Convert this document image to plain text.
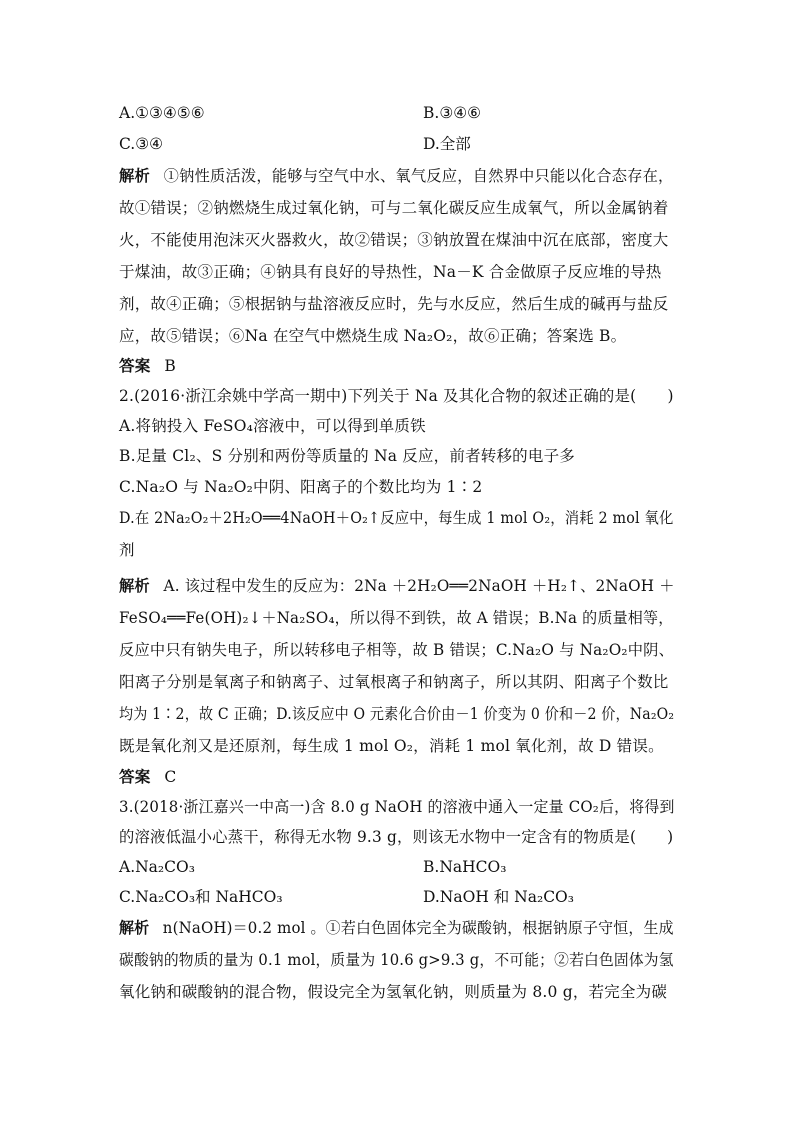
A.①③④⑤⑥	B.③④⑥
C.③④	D.全部
解析 ①钠性质活泼，能够与空气中水、氧气反应，自然界中只能以化合态存在，
故①错误；②钠燃烧生成过氧化钠，可与二氧化碳反应生成氧气，所以金属钠着
火，不能使用泡沫灭火器救火，故②错误；③钠放置在煤油中沉在底部，密度大
于煤油，故③正确；④钠具有良好的导热性，Na－K 合金做原子反应堆的导热
剂，故④正确；⑤根据钠与盐溶液反应时，先与水反应，然后生成的碱再与盐反
应，故⑤错误；⑥Na 在空气中燃烧生成 Na₂O₂，故⑥正确；答案选 B。
答案 B
2.(2016·浙江余姚中学高一期中)下列关于 Na 及其化合物的叙述正确的是(　　)
A.将钠投入 FeSO₄溶液中，可以得到单质铁
B.足量 Cl₂、S 分别和两份等质量的 Na 反应，前者转移的电子多
C.Na₂O 与 Na₂O₂中阴、阳离子的个数比均为 1∶2
D.在 2Na₂O₂＋2H₂O══4NaOH＋O₂↑反应中，每生成 1 mol O₂，消耗 2 mol 氧化
剂
解析 A. 该过程中发生的反应为：2Na ＋2H₂O══2NaOH ＋H₂↑、2NaOH ＋
FeSO₄══Fe(OH)₂↓＋Na₂SO₄，所以得不到铁，故 A 错误；B.Na 的质量相等，
反应中只有钠失电子，所以转移电子相等，故 B 错误；C.Na₂O 与 Na₂O₂中阴、
阳离子分别是氧离子和钠离子、过氧根离子和钠离子，所以其阴、阳离子个数比
均为 1∶2，故 C 正确；D.该反应中 O 元素化合价由－1 价变为 0 价和－2 价，Na₂O₂
既是氧化剂又是还原剂，每生成 1 mol O₂，消耗 1 mol 氧化剂，故 D 错误。
答案 C
3.(2018·浙江嘉兴一中高一)含 8.0 g NaOH 的溶液中通入一定量 CO₂后，将得到
的溶液低温小心蒸干，称得无水物 9.3 g，则该无水物中一定含有的物质是(　　)
A.Na₂CO₃	B.NaHCO₃
C.Na₂CO₃和 NaHCO₃	D.NaOH 和 Na₂CO₃
解析 n(NaOH)＝0.2 mol 。①若白色固体完全为碳酸钠，根据钠原子守恒，生成
碳酸钠的物质的量为 0.1 mol，质量为 10.6 g>9.3 g，不可能；②若白色固体为氢
氧化钠和碳酸钠的混合物，假设完全为氢氧化钠，则质量为 8.0 g，若完全为碳
